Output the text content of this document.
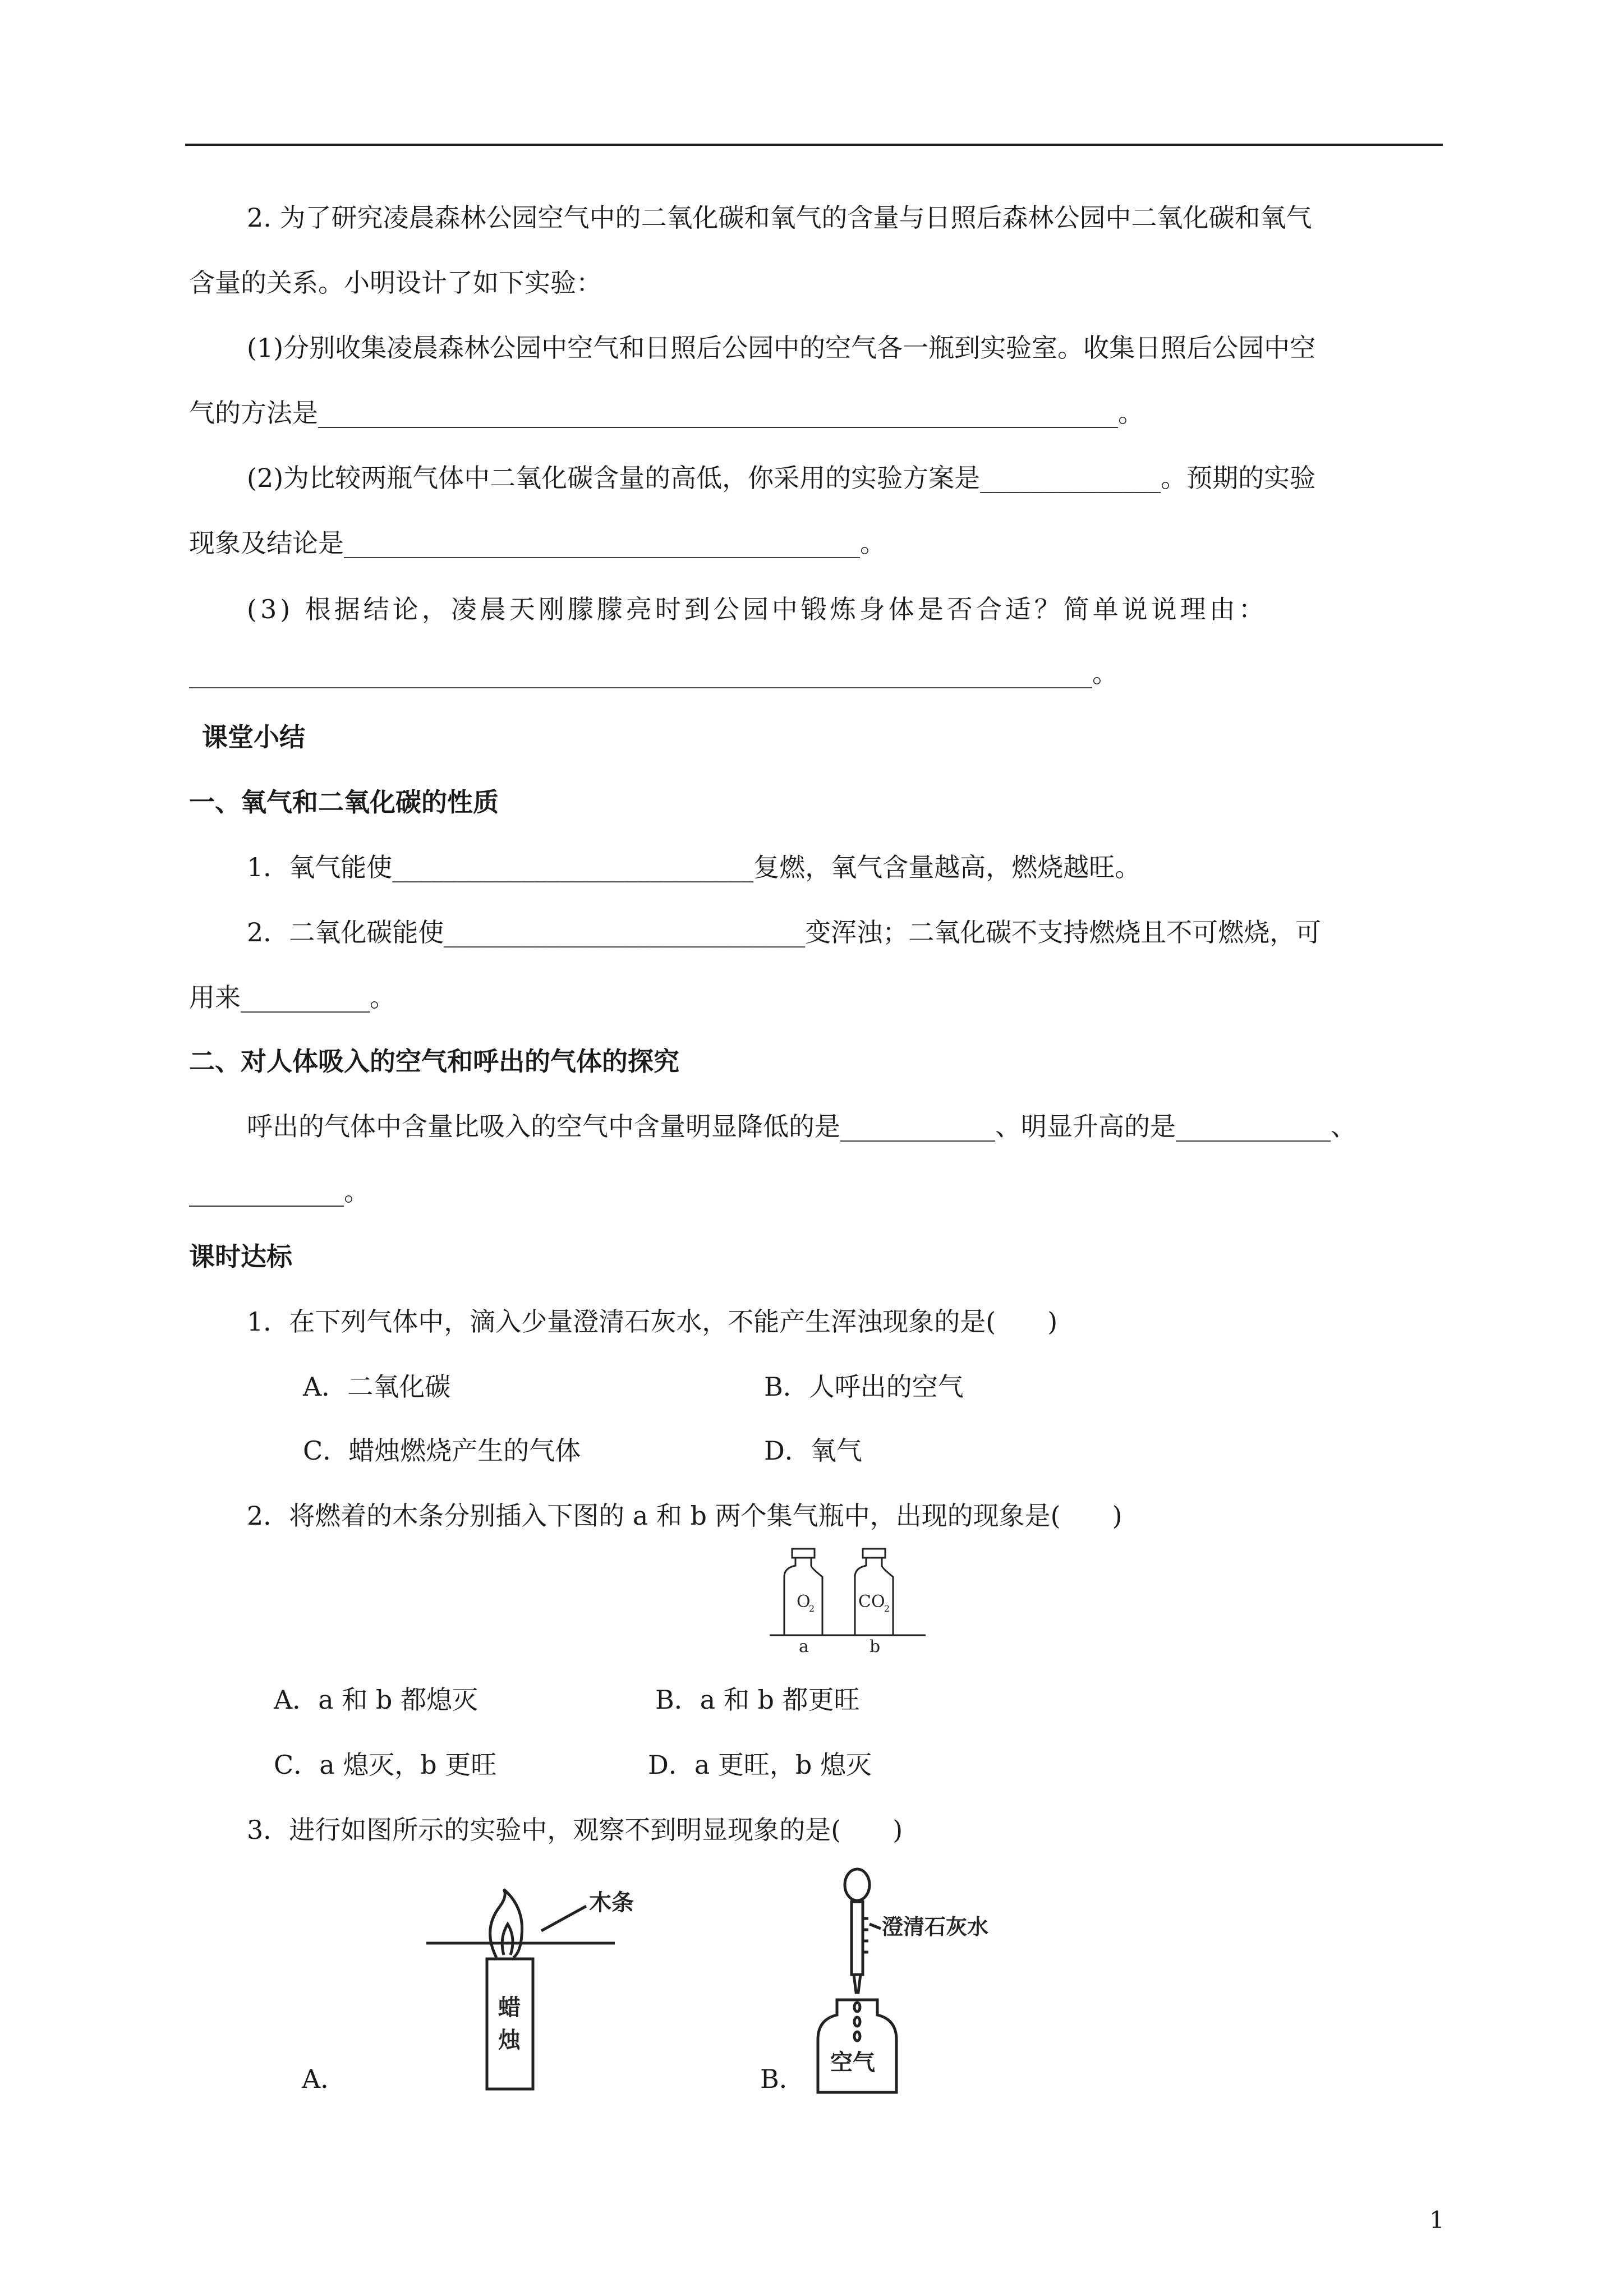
2. 为了研究凌晨森林公园空气中的二氧化碳和氧气的含量与日照后森林公园中二氧化碳和氧气
含量的关系。小明设计了如下实验：
(1)分别收集凌晨森林公园中空气和日照后公园中的空气各一瓶到实验室。收集日照后公园中空
气的方法是______________________________________________________________。
(2)为比较两瓶气体中二氧化碳含量的高低，你采用的实验方案是______________。预期的实验
现象及结论是________________________________________。
(3) 根据结论，凌晨天刚朦朦亮时到公园中锻炼身体是否合适？简单说说理由：
______________________________________________________________________。
课堂小结
一、氧气和二氧化碳的性质
1．氧气能使____________________________复燃，氧气含量越高，燃烧越旺。
2．二氧化碳能使____________________________变浑浊；二氧化碳不支持燃烧且不可燃烧，可
用来__________。
二、对人体吸入的空气和呼出的气体的探究
呼出的气体中含量比吸入的空气中含量明显降低的是____________、明显升高的是____________、
____________。
课时达标
1．在下列气体中，滴入少量澄清石灰水，不能产生浑浊现象的是(　　)
A．二氧化碳	B．人呼出的空气
C．蜡烛燃烧产生的气体	D．氧气
2．将燃着的木条分别插入下图的 a 和 b 两个集气瓶中，出现的现象是(　　)
O
2	CO
2
a	b
A．a 和 b 都熄灭	B．a 和 b 都更旺
C．a 熄灭，b 更旺	D．a 更旺，b 熄灭
3．进行如图所示的实验中，观察不到明显现象的是(　　)
木条
蜡
烛
A．
澄清石灰水
空气
B．
1
